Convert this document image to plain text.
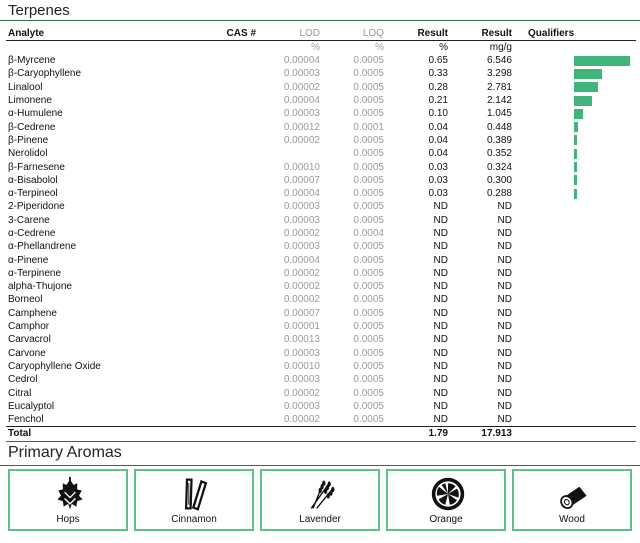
Terpenes
Analyte	CAS #	LOD	LOQ	Result	Result	Qualifiers
		%	%	%	mg/g	
β-Myrcene		0.00004	0.0005	0.65	6.546	
β-Caryophyllene		0.00003	0.0005	0.33	3.298	
Linalool		0.00002	0.0005	0.28	2.781	
Limonene		0.00004	0.0005	0.21	2.142	
α-Humulene		0.00003	0.0005	0.10	1.045	
β-Cedrene		0.00012	0.0001	0.04	0.448	
β-Pinene		0.00002	0.0005	0.04	0.389	
Nerolidol			0.0005	0.04	0.352	
β-Farnesene		0.00010	0.0005	0.03	0.324	
α-Bisabolol		0.00007	0.0005	0.03	0.300	
α-Terpineol		0.00004	0.0005	0.03	0.288	
2-Piperidone		0.00003	0.0005	ND	ND	
3-Carene		0.00003	0.0005	ND	ND	
α-Cedrene		0.00002	0.0004	ND	ND	
α-Phellandrene		0.00003	0.0005	ND	ND	
α-Pinene		0.00004	0.0005	ND	ND	
α-Terpinene		0.00002	0.0005	ND	ND	
alpha-Thujone		0.00002	0.0005	ND	ND	
Borneol		0.00002	0.0005	ND	ND	
Camphene		0.00007	0.0005	ND	ND	
Camphor		0.00001	0.0005	ND	ND	
Carvacrol		0.00013	0.0005	ND	ND	
Carvone		0.00003	0.0005	ND	ND	
Caryophyllene Oxide		0.00010	0.0005	ND	ND	
Cedrol		0.00003	0.0005	ND	ND	
Citral		0.00002	0.0005	ND	ND	
Eucalyptol		0.00003	0.0005	ND	ND	
Fenchol		0.00002	0.0005	ND	ND	
Total				1.79	17.913	
Primary Aromas
Hops	Cinnamon	Lavender	Orange	Wood
